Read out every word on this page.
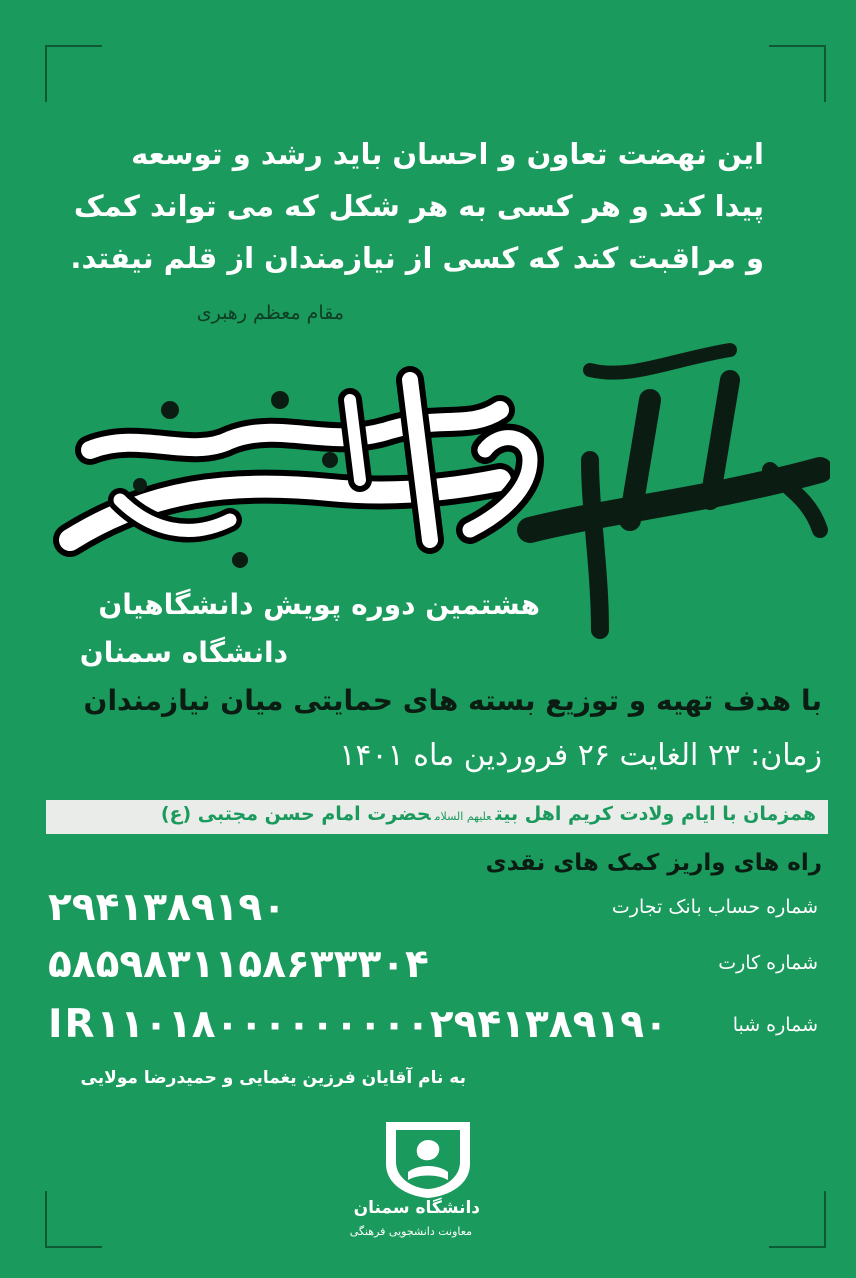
این نهضت تعاون و احسان باید رشد و توسعه
پیدا کند و هر کسی به هر شکل که می تواند کمک
و مراقبت کند که کسی از نیازمندان از قلم نیفتد.
مقام معظم رهبری
هشتمین دوره پویش دانشگاهیان
دانشگاه سمنان
با هدف تهیه و توزیع بسته های حمایتی میان نیازمندان
زمان:۲۳ الغایت ۲۶ فروردین ماه ۱۴۰۱
همزمان با ایام ولادت کریم اهل بیتعلیهم السلامحضرت امام حسن مجتبی (ع)
راه های واریز کمک های نقدی
شماره حساب بانک تجارت
۲۹۴۱۳۸۹۱۹۰
شماره کارت
۵۸۵۹۸۳۱۱۵۸۶۳۳۳۰۴
شماره شبا
IR۱۱۰۱۸۰۰۰۰۰۰۰۰۰۲۹۴۱۳۸۹۱۹۰
به نام آقایان فرزین یغمایی و حمیدرضا مولایی
دانشگاه سمنان
معاونت دانشجویی فرهنگی
